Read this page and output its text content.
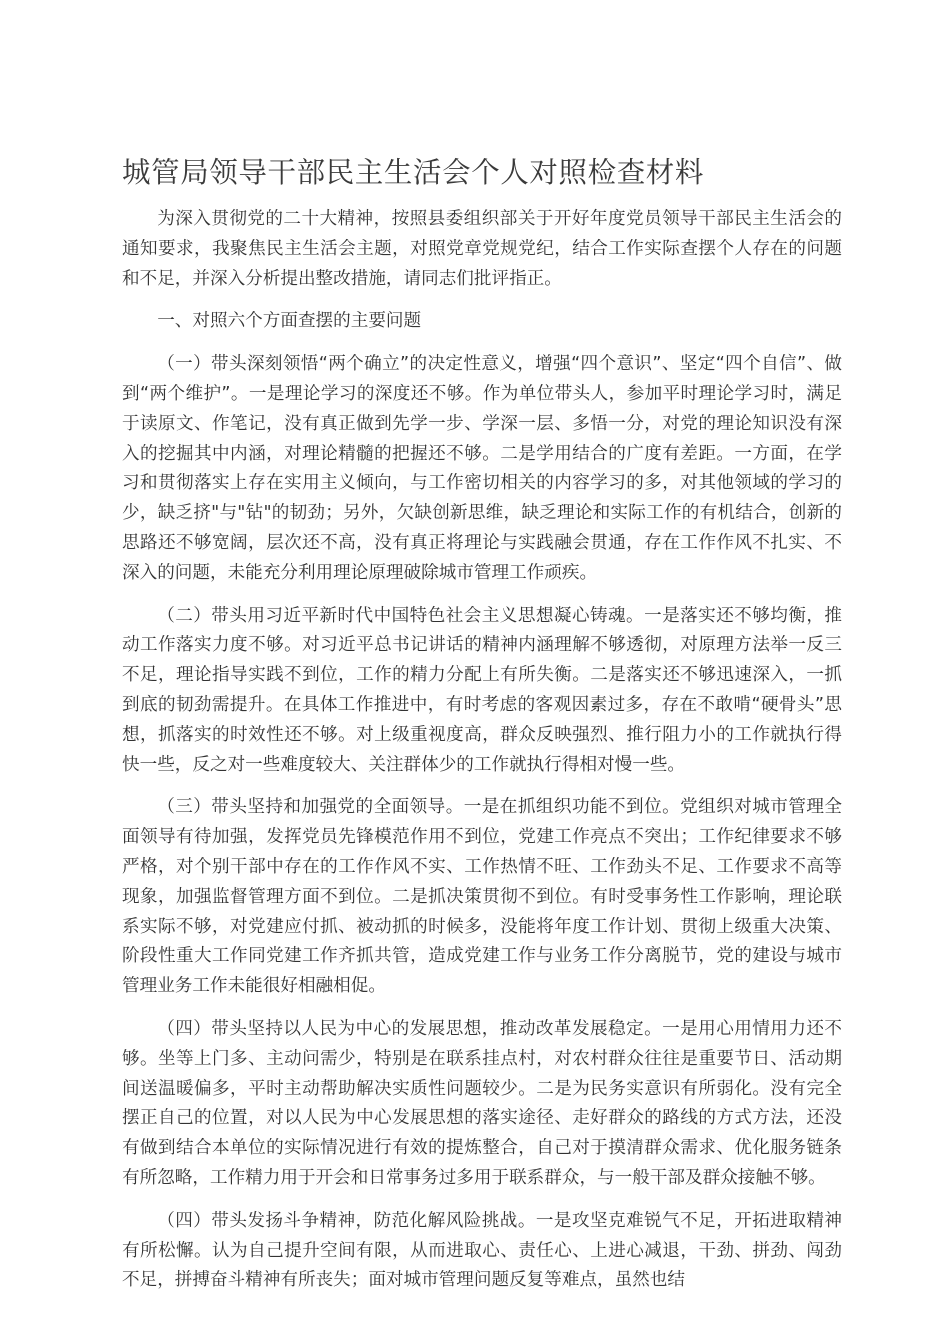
城管局领导干部民主生活会个人对照检查材料

为深入贯彻党的二十大精神，按照县委组织部关于开好年度党员领导干部民主生活会的通知要求，我聚焦民主生活会主题，对照党章党规党纪，结合工作实际查摆个人存在的问题和不足，并深入分析提出整改措施，请同志们批评指正。

一、对照六个方面查摆的主要问题

（一）带头深刻领悟“两个确立”的决定性意义，增强“四个意识”、坚定“四个自信”、做到“两个维护”。一是理论学习的深度还不够。作为单位带头人，参加平时理论学习时，满足于读原文、作笔记，没有真正做到先学一步、学深一层、多悟一分，对党的理论知识没有深入的挖掘其中内涵，对理论精髓的把握还不够。二是学用结合的广度有差距。一方面，在学习和贯彻落实上存在实用主义倾向，与工作密切相关的内容学习的多，对其他领域的学习的少，缺乏挤"与"钻"的韧劲；另外，欠缺创新思维，缺乏理论和实际工作的有机结合，创新的思路还不够宽阔，层次还不高，没有真正将理论与实践融会贯通，存在工作作风不扎实、不深入的问题，未能充分利用理论原理破除城市管理工作顽疾。

（二）带头用习近平新时代中国特色社会主义思想凝心铸魂。一是落实还不够均衡，推动工作落实力度不够。对习近平总书记讲话的精神内涵理解不够透彻，对原理方法举一反三不足，理论指导实践不到位，工作的精力分配上有所失衡。二是落实还不够迅速深入，一抓到底的韧劲需提升。在具体工作推进中，有时考虑的客观因素过多，存在不敢啃“硬骨头”思想，抓落实的时效性还不够。对上级重视度高，群众反映强烈、推行阻力小的工作就执行得快一些，反之对一些难度较大、关注群体少的工作就执行得相对慢一些。

（三）带头坚持和加强党的全面领导。一是在抓组织功能不到位。党组织对城市管理全面领导有待加强，发挥党员先锋模范作用不到位，党建工作亮点不突出；工作纪律要求不够严格，对个别干部中存在的工作作风不实、工作热情不旺、工作劲头不足、工作要求不高等现象，加强监督管理方面不到位。二是抓决策贯彻不到位。有时受事务性工作影响，理论联系实际不够，对党建应付抓、被动抓的时候多，没能将年度工作计划、贯彻上级重大决策、阶段性重大工作同党建工作齐抓共管，造成党建工作与业务工作分离脱节，党的建设与城市管理业务工作未能很好相融相促。

（四）带头坚持以人民为中心的发展思想，推动改革发展稳定。一是用心用情用力还不够。坐等上门多、主动问需少，特别是在联系挂点村，对农村群众往往是重要节日、活动期间送温暖偏多，平时主动帮助解决实质性问题较少。二是为民务实意识有所弱化。没有完全摆正自己的位置，对以人民为中心发展思想的落实途径、走好群众的路线的方式方法，还没有做到结合本单位的实际情况进行有效的提炼整合，自己对于摸清群众需求、优化服务链条有所忽略，工作精力用于开会和日常事务过多用于联系群众，与一般干部及群众接触不够。

（四）带头发扬斗争精神，防范化解风险挑战。一是攻坚克难锐气不足，开拓进取精神有所松懈。认为自己提升空间有限，从而进取心、责任心、上进心减退，干劲、拼劲、闯劲不足，拼搏奋斗精神有所丧失；面对城市管理问题反复等难点，虽然也结
